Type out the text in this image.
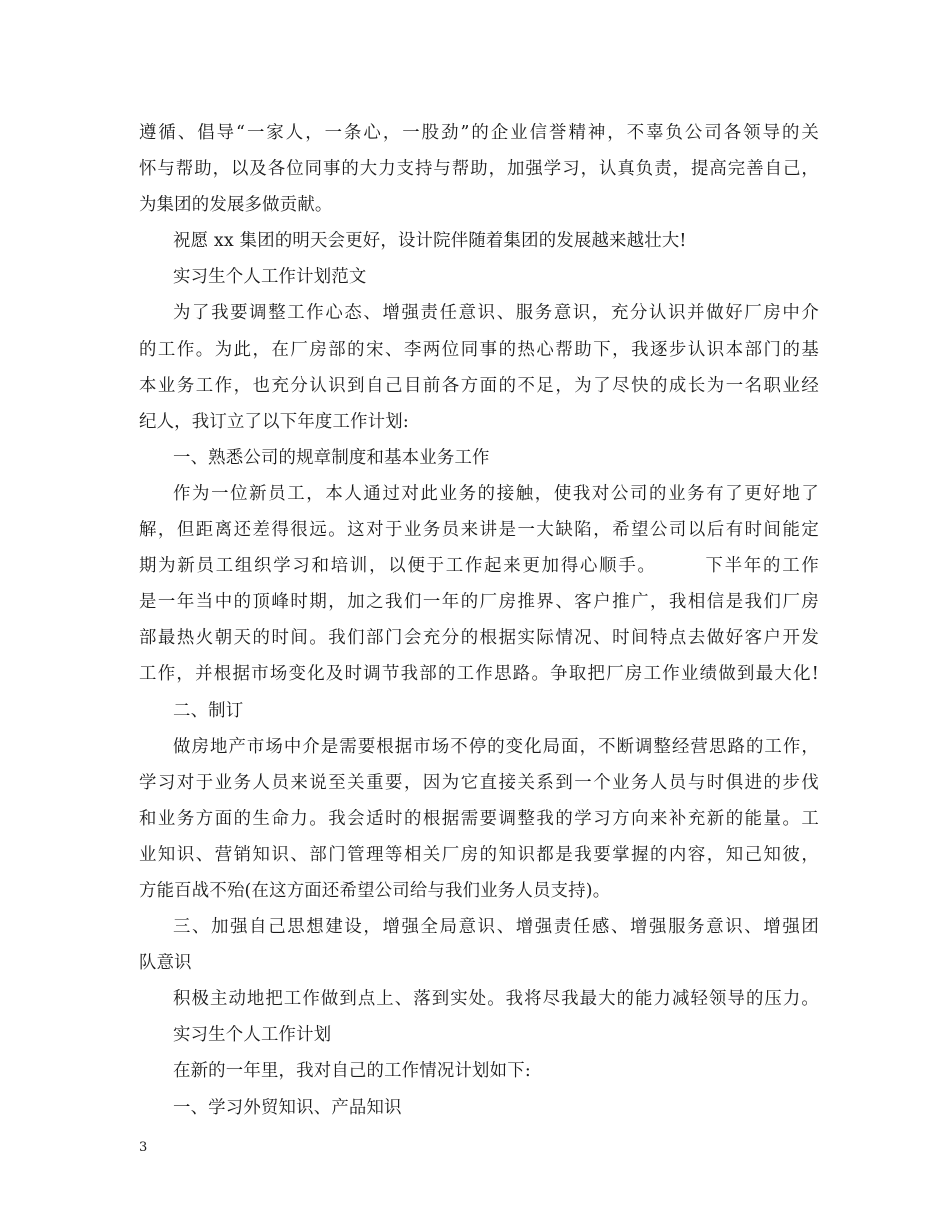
遵循、倡导“一家人，一条心，一股劲”的企业信誉精神，不辜负公司各领导的关
怀与帮助，以及各位同事的大力支持与帮助，加强学习，认真负责，提高完善自己，
为集团的发展多做贡献。
祝愿 xx 集团的明天会更好，设计院伴随着集团的发展越来越壮大!
实习生个人工作计划范文
为了我要调整工作心态、增强责任意识、服务意识，充分认识并做好厂房中介
的工作。为此，在厂房部的宋、李两位同事的热心帮助下，我逐步认识本部门的基
本业务工作，也充分认识到自己目前各方面的不足，为了尽快的成长为一名职业经
纪人，我订立了以下年度工作计划:
一、熟悉公司的规章制度和基本业务工作
作为一位新员工，本人通过对此业务的接触，使我对公司的业务有了更好地了
解，但距离还差得很远。这对于业务员来讲是一大缺陷，希望公司以后有时间能定
期为新员工组织学习和培训，以便于工作起来更加得心顺手。　　　下半年的工作
是一年当中的顶峰时期，加之我们一年的厂房推界、客户推广，我相信是我们厂房
部最热火朝天的时间。我们部门会充分的根据实际情况、时间特点去做好客户开发
工作，并根据市场变化及时调节我部的工作思路。争取把厂房工作业绩做到最大化!
二、制订
做房地产市场中介是需要根据市场不停的变化局面，不断调整经营思路的工作，
学习对于业务人员来说至关重要，因为它直接关系到一个业务人员与时俱进的步伐
和业务方面的生命力。我会适时的根据需要调整我的学习方向来补充新的能量。工
业知识、营销知识、部门管理等相关厂房的知识都是我要掌握的内容，知己知彼，
方能百战不殆(在这方面还希望公司给与我们业务人员支持)。
三、加强自己思想建设，增强全局意识、增强责任感、增强服务意识、增强团
队意识
积极主动地把工作做到点上、落到实处。我将尽我最大的能力减轻领导的压力。
实习生个人工作计划
在新的一年里，我对自己的工作情况计划如下:
一、学习外贸知识、产品知识
3
